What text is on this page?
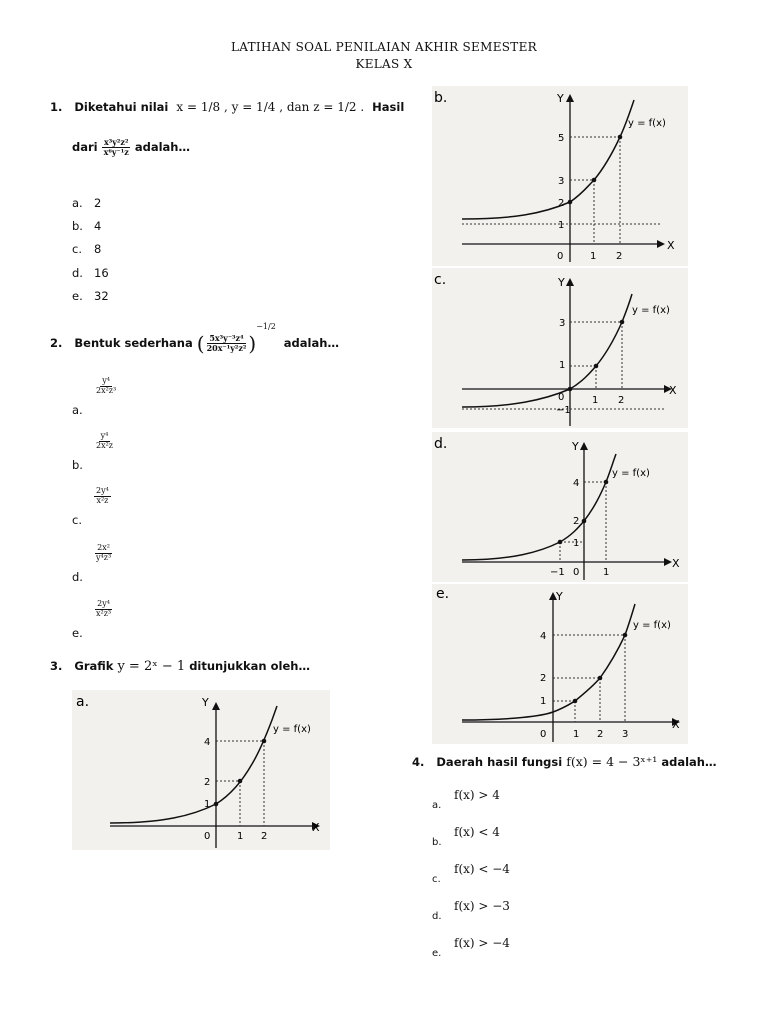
LATIHAN SOAL PENILAIAN AKHIR SEMESTER
KELAS X
1. Diketahui nilai x = 1/8 , y = 1/4 , dan z = 1/2 . Hasil
dari $\frac{\text{x³y²z²}}{\text{x⁶y⁻¹z}}$ adalah…
a. 2
b. 4
c. 8
d. 16
e. 32
2. Bentuk sederhana ( $\frac{\text{5x³y⁻³z⁴}}{\text{20x⁻¹y²z²}} )^{-1/2}$  adalah…
$\frac{\text{y⁴}}{\text{2x²z³}}$
a.
$\frac{\text{y⁴}}{\text{2x²z}}$
b.
$\frac{\text{2y⁴}}{\text{x²z}}$
c.
$\frac{\text{2x²}}{\text{y⁴z³}}$
d.
$\frac{\text{2y⁴}}{\text{x²z³}}$
e.
3. Grafik y = 2ˣ − 1 ditunjukkan oleh…
4. Daerah hasil fungsi f(x) = 4 − 3ˣ⁺¹ adalah…
f(x) > 4
a.
f(x) < 4
b.
f(x) < −4
c.
f(x) > −3
d.
f(x) > −4
e.
a.
X
Y
0	1 2
1
2
4
y = f(x)
b.
X
Y
0	1 2
1
2
3
5
y = f(x)
c.
X
Y
0	1 2
−1
1
3
y = f(x)
d.
X
Y
0
−1	1
1
2
4
y = f(x)
e.
X
Y
0	1 2 3
1
2
4
y = f(x)
